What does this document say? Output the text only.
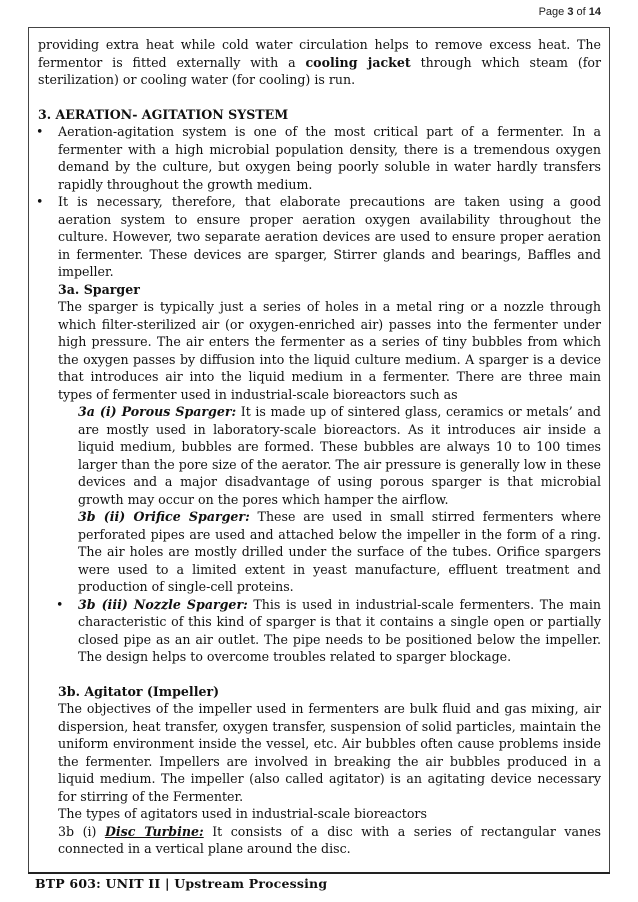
Page 3 of 14

providing extra heat while cold water circulation helps to remove excess heat. The fermentor is fitted externally with a cooling jacket through which steam (for sterilization) or cooling water (for cooling) is run.

3. AERATION- AGITATION SYSTEM

• Aeration-agitation system is one of the most critical part of a fermenter. In a fermenter with a high microbial population density, there is a tremendous oxygen demand by the culture, but oxygen being poorly soluble in water hardly transfers rapidly throughout the growth medium.
• It is necessary, therefore, that elaborate precautions are taken using a good aeration system to ensure proper aeration oxygen availability throughout the culture. However, two separate aeration devices are used to ensure proper aeration in fermenter. These devices are sparger, Stirrer glands and bearings, Baffles and impeller.

3a. Sparger

The sparger is typically just a series of holes in a metal ring or a nozzle through which filter-sterilized air (or oxygen-enriched air) passes into the fermenter under high pressure. The air enters the fermenter as a series of tiny bubbles from which the oxygen passes by diffusion into the liquid culture medium. A sparger is a device that introduces air into the liquid medium in a fermenter. There are three main types of fermenter used in industrial-scale bioreactors such as

3a (i) Porous Sparger: It is made up of sintered glass, ceramics or metals’ and are mostly used in laboratory-scale bioreactors. As it introduces air inside a liquid medium, bubbles are formed. These bubbles are always 10 to 100 times larger than the pore size of the aerator. The air pressure is generally low in these devices and a major disadvantage of using porous sparger is that microbial growth may occur on the pores which hamper the airflow.

3b (ii) Orifice Sparger: These are used in small stirred fermenters where perforated pipes are used and attached below the impeller in the form of a ring. The air holes are mostly drilled under the surface of the tubes. Orifice spargers were used to a limited extent in yeast manufacture, effluent treatment and production of single-cell proteins.

• 3b (iii) Nozzle Sparger: This is used in industrial-scale fermenters. The main characteristic of this kind of sparger is that it contains a single open or partially closed pipe as an air outlet. The pipe needs to be positioned below the impeller. The design helps to overcome troubles related to sparger blockage.

3b. Agitator (Impeller)

The objectives of the impeller used in fermenters are bulk fluid and gas mixing, air dispersion, heat transfer, oxygen transfer, suspension of solid particles, maintain the uniform environment inside the vessel, etc. Air bubbles often cause problems inside the fermenter. Impellers are involved in breaking the air bubbles produced in a liquid medium. The impeller (also called agitator) is an agitating device necessary for stirring of the Fermenter.

The types of agitators used in industrial-scale bioreactors

3b (i) Disc Turbine: It consists of a disc with a series of rectangular vanes connected in a vertical plane around the disc.

BTP 603: UNIT II | Upstream Processing
